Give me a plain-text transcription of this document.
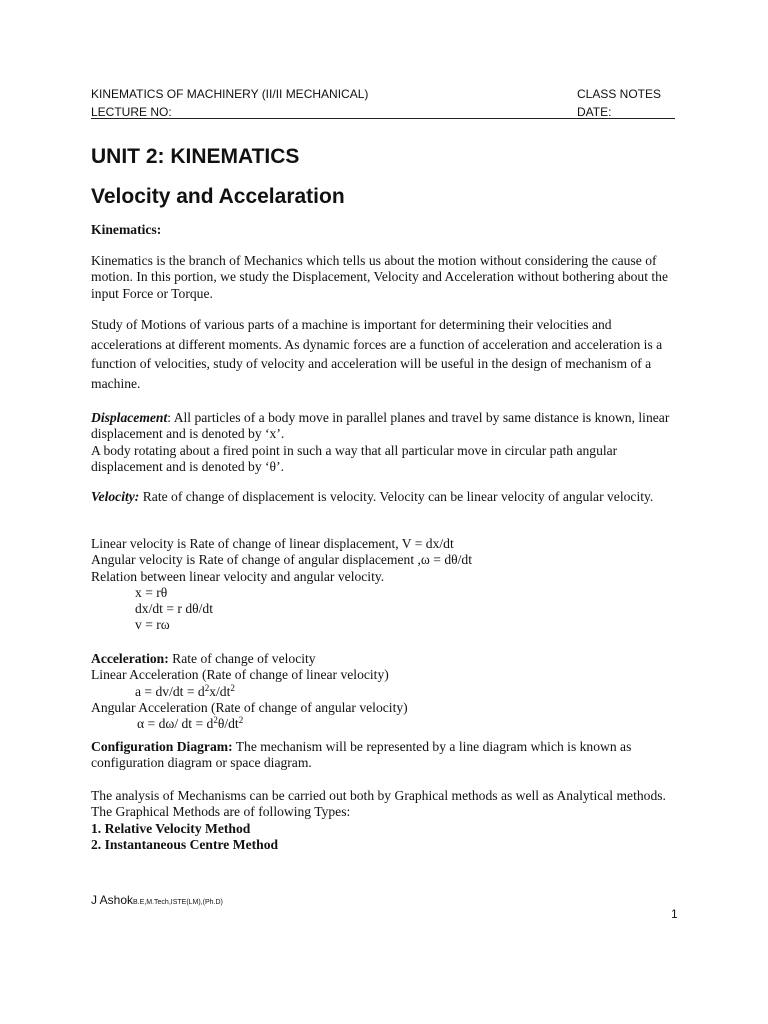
KINEMATICS OF MACHINERY (II/II MECHANICAL)	CLASS NOTES
LECTURE NO:	DATE:
UNIT 2: KINEMATICS
Velocity and Accelaration
Kinematics:
Kinematics is the branch of Mechanics which tells us about the motion without considering the cause of motion. In this portion, we study the Displacement, Velocity and Acceleration without bothering about the input Force or Torque.
Study of Motions of various parts of a machine is important for determining their velocities and accelerations at different moments. As dynamic forces are a function of acceleration and acceleration is a function of velocities, study of velocity and acceleration will be useful in the design of mechanism of a machine.
Displacement: All particles of a body move in parallel planes and travel by same distance is known, linear displacement and is denoted by ‘x’.
A body rotating about a fired point in such a way that all particular move in circular path angular displacement and is denoted by ‘θ’.
Velocity: Rate of change of displacement is velocity. Velocity can be linear velocity of angular velocity.
Linear velocity is Rate of change of linear displacement, V = dx/dt
Angular velocity is Rate of change of angular displacement ,ω = dθ/dt
Relation between linear velocity and angular velocity.
x = rθ
dx/dt = r dθ/dt
v = rω
Acceleration: Rate of change of velocity
Linear Acceleration (Rate of change of linear velocity)
$a = dv/dt = d^2x/dt^2$
Angular Acceleration (Rate of change of angular velocity)
α = dω/ dt = $d^2\theta/dt^2$
Configuration Diagram: The mechanism will be represented by a line diagram which is known as configuration diagram or space diagram.
The analysis of Mechanisms can be carried out both by Graphical methods as well as Analytical methods.
The Graphical Methods are of following Types:
1. Relative Velocity Method
2. Instantaneous Centre Method
J AshokB.E,M.Tech,ISTE(LM),(Ph.D)
1
